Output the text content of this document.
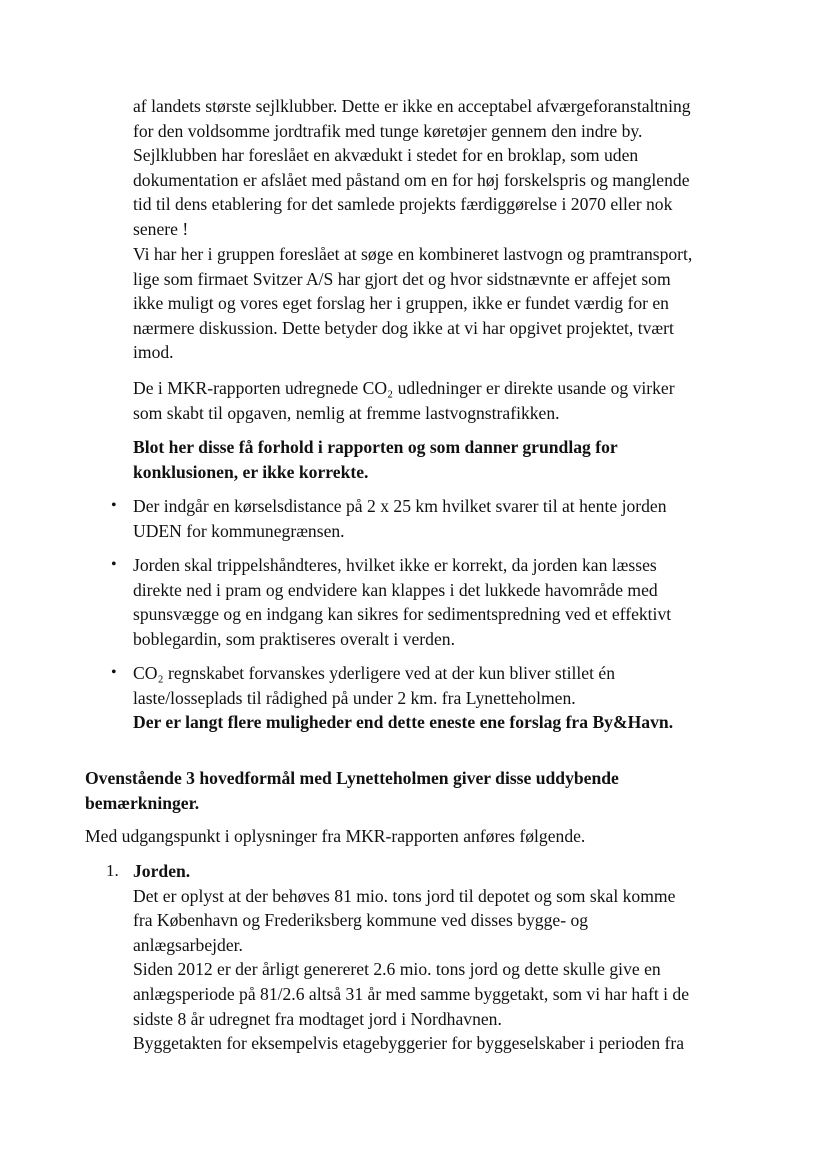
af landets største sejlklubber. Dette er ikke en acceptabel afværgeforanstaltning
for den voldsomme jordtrafik med tunge køretøjer gennem den indre by.
Sejlklubben har foreslået en akvædukt i stedet for en broklap, som uden
dokumentation er afslået med påstand om en for høj forskelspris og manglende
tid til dens etablering for det samlede projekts færdiggørelse i 2070 eller nok
senere !
Vi har her i gruppen foreslået at søge en kombineret lastvogn og pramtransport,
lige som firmaet Svitzer A/S har gjort det og hvor sidstnævnte er affejet som
ikke muligt og vores eget forslag her i gruppen, ikke er fundet værdig for en
nærmere diskussion. Dette betyder dog ikke at vi har opgivet projektet, tvært
imod.
De i MKR-rapporten udregnede CO₂ udledninger er direkte usande og virker
som skabt til opgaven, nemlig at fremme lastvognstrafikken.
Blot her disse få forhold i rapporten og som danner grundlag for
konklusionen, er ikke korrekte.
• Der indgår en kørselsdistance på 2 x 25 km hvilket svarer til at hente jorden
UDEN for kommunegrænsen.
• Jorden skal trippelshåndteres, hvilket ikke er korrekt, da jorden kan læsses
direkte ned i pram og endvidere kan klappes i det lukkede havområde med
spunsvægge og en indgang kan sikres for sedimentspredning ved et effektivt
boblegardin, som praktiseres overalt i verden.
• CO₂ regnskabet forvanskes yderligere ved at der kun bliver stillet én
laste/losseplads til rådighed på under 2 km. fra Lynetteholmen.
Der er langt flere muligheder end dette eneste ene forslag fra By&Havn.
Ovenstående 3 hovedformål med Lynetteholmen giver disse uddybende
bemærkninger.
Med udgangspunkt i oplysninger fra MKR-rapporten anføres følgende.
1. Jorden.
Det er oplyst at der behøves 81 mio. tons jord til depotet og som skal komme
fra København og Frederiksberg kommune ved disses bygge- og
anlægsarbejder.
Siden 2012 er der årligt genereret 2.6 mio. tons jord og dette skulle give en
anlægsperiode på 81/2.6 altså 31 år med samme byggetakt, som vi har haft i de
sidste 8 år udregnet fra modtaget jord i Nordhavnen.
Byggetakten for eksempelvis etagebyggerier for byggeselskaber i perioden fra
